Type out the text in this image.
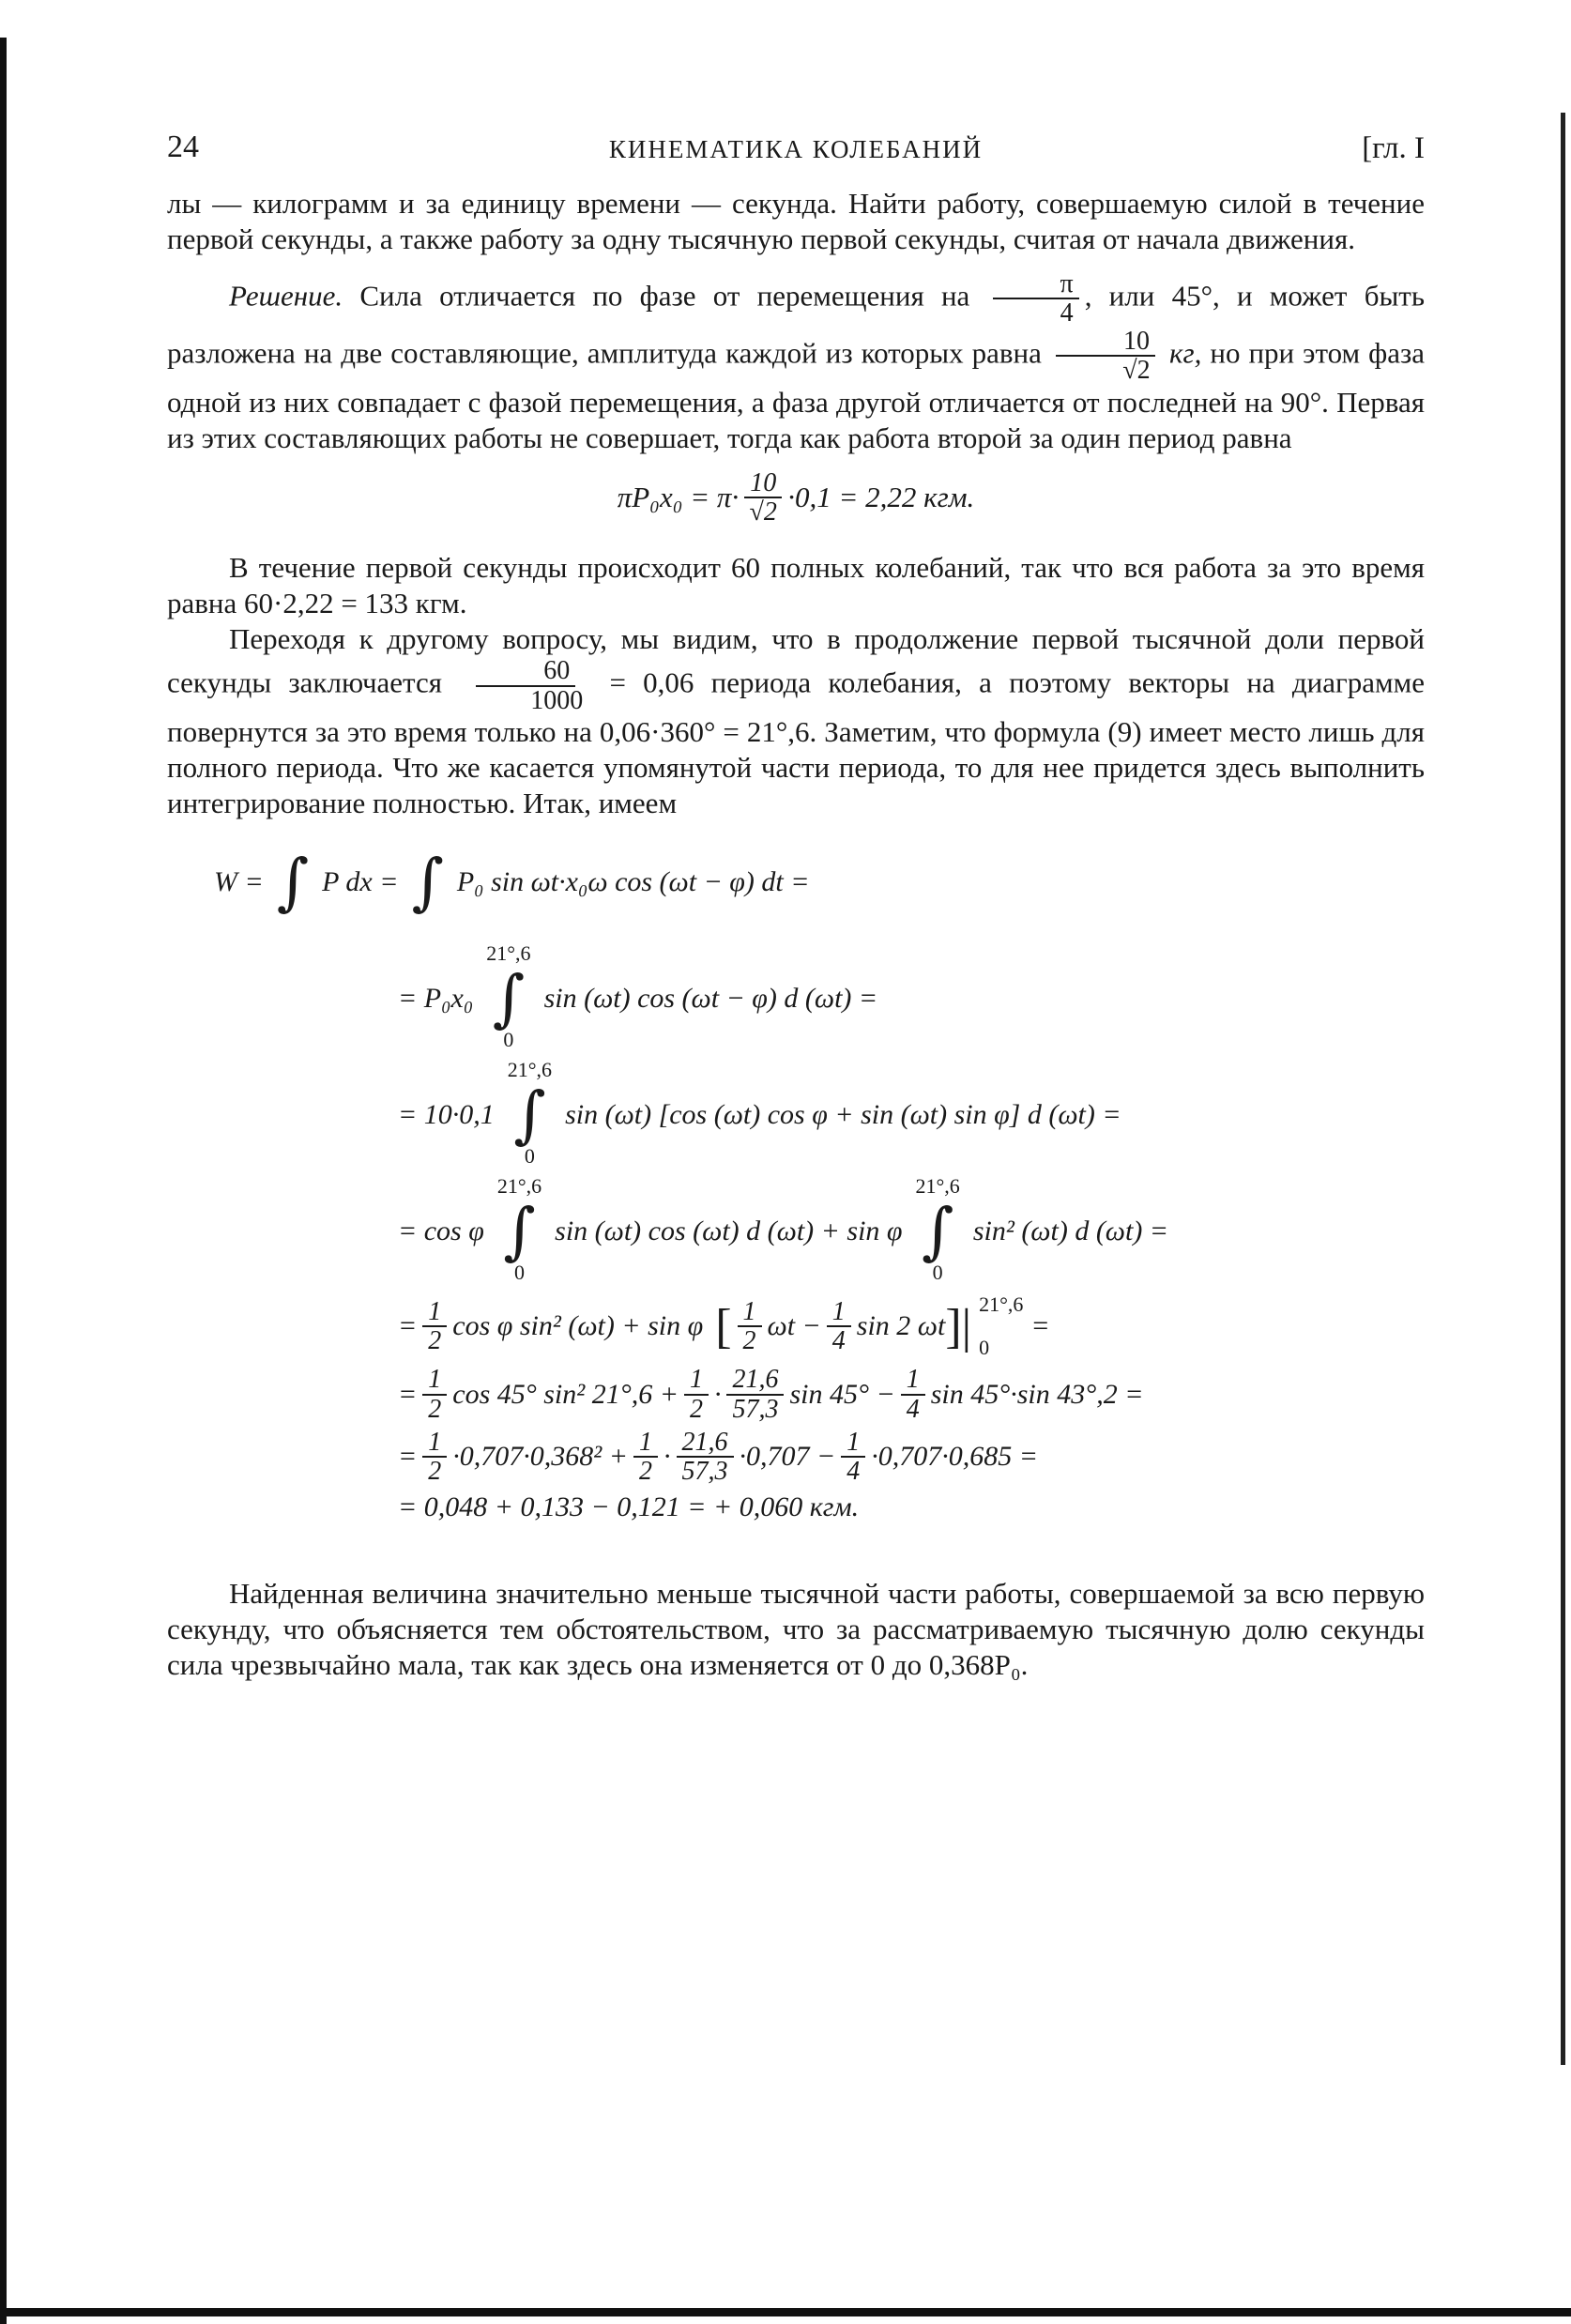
24	КИНЕМАТИКА КОЛЕБАНИЙ	[гл. I

лы — килограмм и за единицу времени — секунда. Найти работу, совершаемую силой в течение первой секунды, а также работу за одну тысячную первой секунды, считая от начала движения.

Решение. Сила отличается по фазе от перемещения на $\frac{\pi}{4}$ , или 45°, и может быть разложена на две составляющие, амплитуда каждой из которых равна $\frac{10}{√2}$ кг, но при этом фаза одной из них совпадает с фазой перемещения, а фаза другой отличается от последней на 90°. Первая из этих составляющих работы не совершает, тогда как работа второй за один период равна

$\pi P_0x_0 = \pi\cdot \frac{10}{√2} \cdot 0,1 = 2,22$ кгм.

В течение первой секунды происходит 60 полных колебаний, так что вся работа за это время равна 60·2,22 = 133 кгм.

Переходя к другому вопросу, мы видим, что в продолжение первой тысячной доли первой секунды заключается $\frac{60}{1000} = 0,06$ периода колебания, а поэтому векторы на диаграмме повернутся за это время только на 0,06·360° = 21°,6. Заметим, что формула (9) имеет место лишь для полного периода. Что же касается упомянутой части периода, то для нее придется здесь выполнить интегрирование полностью. Итак, имеем

W = ∫ P dx = ∫ P₀ sin ωt·x₀ω cos (ωt − φ) dt =
= P₀x₀
21°,6
∫
0
sin (ωt) cos (ωt − φ) d (ωt) =
= 10·0,1
21°,6
∫
0
sin (ωt) [cos (ωt) cos φ + sin (ωt) sin φ] d (ωt) =
= cos φ
21°,6
∫
0
sin (ωt) cos (ωt) d (ωt) + sin φ
21°,6
∫
0
sin² (ωt) d (ωt) =
= $\frac{1}{2}$ cos φ sin² (ωt) + sin φ [ $\frac{1}{2}$ $\omega t - \frac{1}{4}$ sin 2 ωt ]| 21°,6
0
=
= $\frac{1}{2}$ cos 45° sin² $21^\circ,6 + \frac{1}{2} \cdot \frac{21,6}{57,3}$ $\sin 45^\circ - \frac{1}{4}$ sin 45°·sin 43°,2 =
= $\frac{1}{2} \cdot 0,707\cdot 0,368^2 + \frac{1}{2} \cdot \frac{21,6}{57,3} \cdot 0,707 - \frac{1}{4} \cdot 0,707\cdot 0,685$ =
= 0,048 + 0,133 − 0,121 = + 0,060 кгм.

Найденная величина значительно меньше тысячной части работы, совершаемой за всю первую секунду, что объясняется тем обстоятельством, что за рассматриваемую тысячную долю секунды сила чрезвычайно мала, так как здесь она изменяется от 0 до 0,368P₀.
